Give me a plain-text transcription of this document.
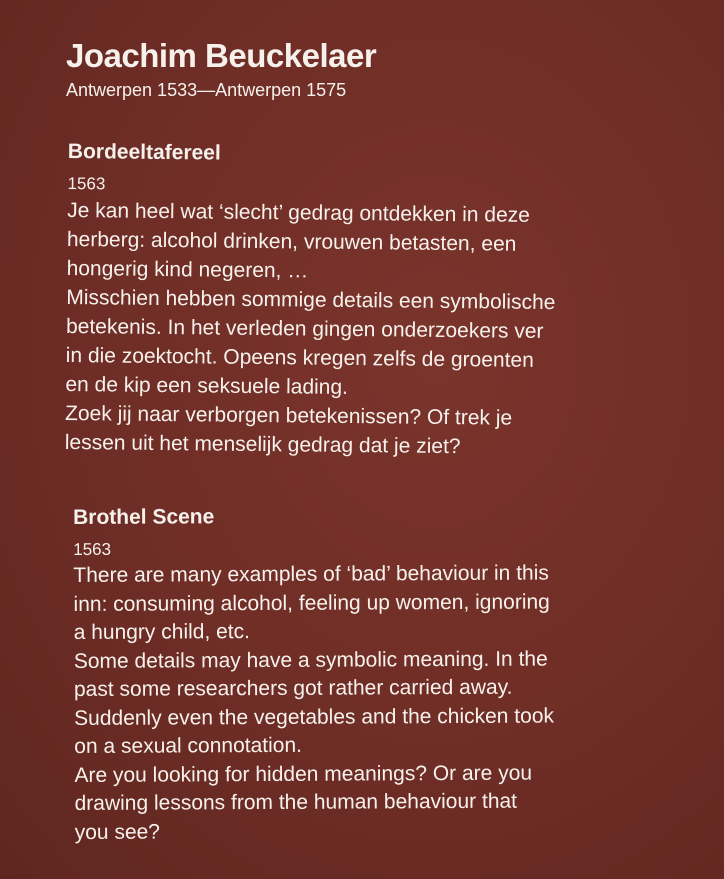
Joachim Beuckelaer
Antwerpen 1533—Antwerpen 1575
Bordeeltafereel
1563
Je kan heel wat ‘slecht’ gedrag ontdekken in deze
herberg: alcohol drinken, vrouwen betasten, een
hongerig kind negeren, …
Misschien hebben sommige details een symbolische
betekenis. In het verleden gingen onderzoekers ver
in die zoektocht. Opeens kregen zelfs de groenten
en de kip een seksuele lading.
Zoek jij naar verborgen betekenissen? Of trek je
lessen uit het menselijk gedrag dat je ziet?
Brothel Scene
1563
There are many examples of ‘bad’ behaviour in this
inn: consuming alcohol, feeling up women, ignoring
a hungry child, etc.
Some details may have a symbolic meaning. In the
past some researchers got rather carried away.
Suddenly even the vegetables and the chicken took
on a sexual connotation.
Are you looking for hidden meanings? Or are you
drawing lessons from the human behaviour that
you see?
